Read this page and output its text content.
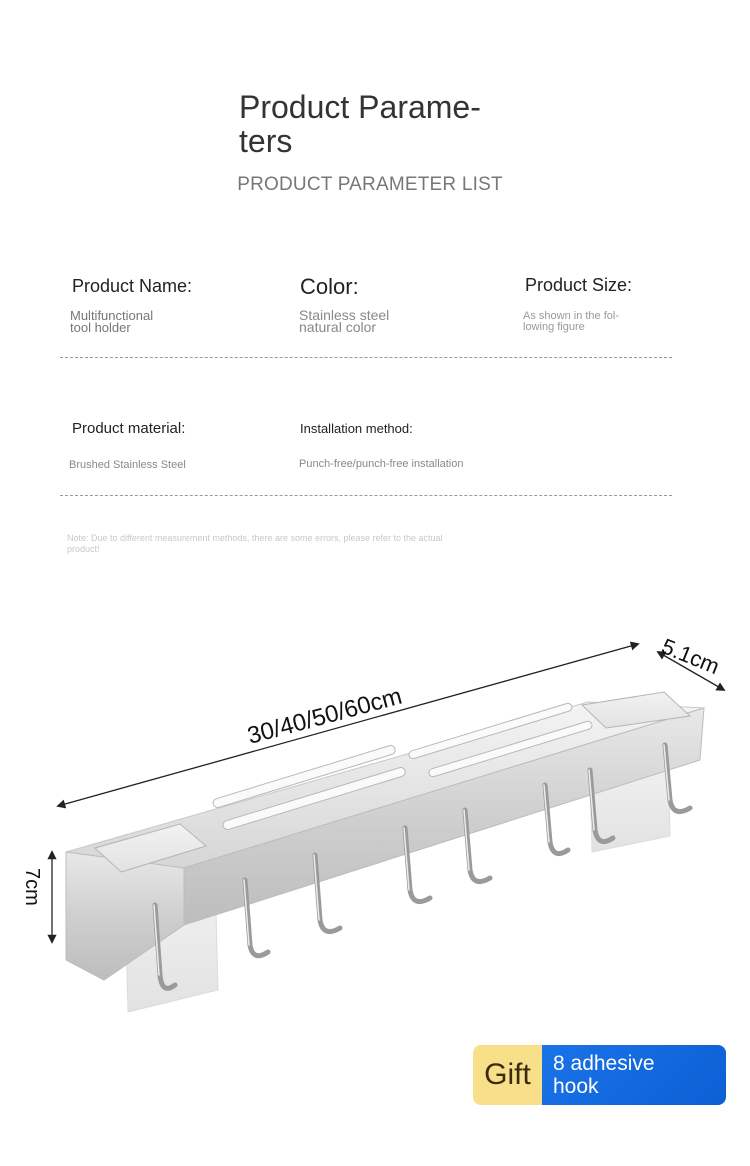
Product Parame-
ters
PRODUCT PARAMETER LIST
Product Name:
Multifunctional
tool holder
Color:
Stainless steel
natural color
Product Size:
As shown in the fol-
lowing figure
Product material:
Brushed Stainless Steel
Installation method:
Punch-free/punch-free installation
Note: Due to different measurement methods, there are some errors, please refer to the actual
product!
30/40/50/60cm
5.1cm
7cm
Gift	8 adhesive
hook
